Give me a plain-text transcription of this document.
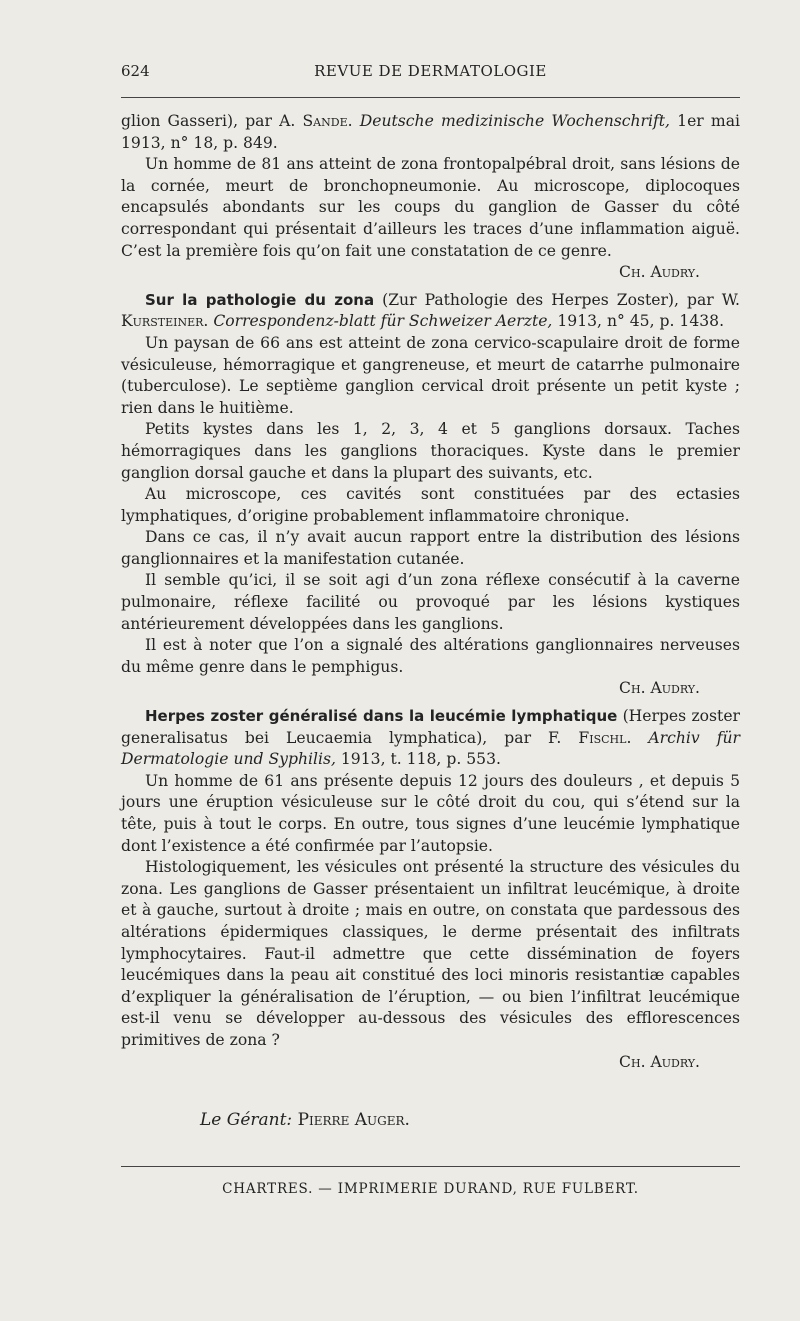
624	REVUE DE DERMATOLOGIE

glion Gasseri), par A. Sande. Deutsche medizinische Wochenschrift, 1er mai 1913, n° 18, p. 849.

Un homme de 81 ans atteint de zona frontopalpébral droit, sans lésions de la cornée, meurt de bronchopneumonie. Au microscope, diplocoques encapsulés abondants sur les coups du ganglion de Gasser du côté correspondant qui présentait d’ailleurs les traces d’une inflammation aiguë. C’est la première fois qu’on fait une constatation de ce genre.
Ch. Audry.

Sur la pathologie du zona (Zur Pathologie des Herpes Zoster), par W. Kursteiner. Correspondenz-blatt für Schweizer Aerzte, 1913, n° 45, p. 1438.

Un paysan de 66 ans est atteint de zona cervico-scapulaire droit de forme vésiculeuse, hémorragique et gangreneuse, et meurt de catarrhe pulmonaire (tuberculose). Le septième ganglion cervical droit présente un petit kyste ; rien dans le huitième.

Petits kystes dans les 1, 2, 3, 4 et 5 ganglions dorsaux. Taches hémorragiques dans les ganglions thoraciques. Kyste dans le premier ganglion dorsal gauche et dans la plupart des suivants, etc.

Au microscope, ces cavités sont constituées par des ectasies lymphatiques, d’origine probablement inflammatoire chronique.

Dans ce cas, il n’y avait aucun rapport entre la distribution des lésions ganglionnaires et la manifestation cutanée.

Il semble qu’ici, il se soit agi d’un zona réflexe consécutif à la caverne pulmonaire, réflexe facilité ou provoqué par les lésions kystiques antérieurement développées dans les ganglions.

Il est à noter que l’on a signalé des altérations ganglionnaires nerveuses du même genre dans le pemphigus.
Ch. Audry.

Herpes zoster généralisé dans la leucémie lymphatique (Herpes zoster generalisatus bei Leucaemia lymphatica), par F. Fischl. Archiv für Dermatologie und Syphilis, 1913, t. 118, p. 553.

Un homme de 61 ans présente depuis 12 jours des douleurs , et depuis 5 jours une éruption vésiculeuse sur le côté droit du cou, qui s’étend sur la tête, puis à tout le corps. En outre, tous signes d’une leucémie lymphatique dont l’existence a été confirmée par l’autopsie.

Histologiquement, les vésicules ont présenté la structure des vésicules du zona. Les ganglions de Gasser présentaient un infiltrat leucémique, à droite et à gauche, surtout à droite ; mais en outre, on constata que pardessous des altérations épidermiques classiques, le derme présentait des infiltrats lymphocytaires. Faut-il admettre que cette dissémination de foyers leucémiques dans la peau ait constitué des loci minoris resistantiæ capables d’expliquer la généralisation de l’éruption, — ou bien l’infiltrat leucémique est-il venu se développer au-dessous des vésicules des efflorescences primitives de zona ?
Ch. Audry.

Le Gérant: Pierre Auger.
CHARTRES. — IMPRIMERIE DURAND, RUE FULBERT.
